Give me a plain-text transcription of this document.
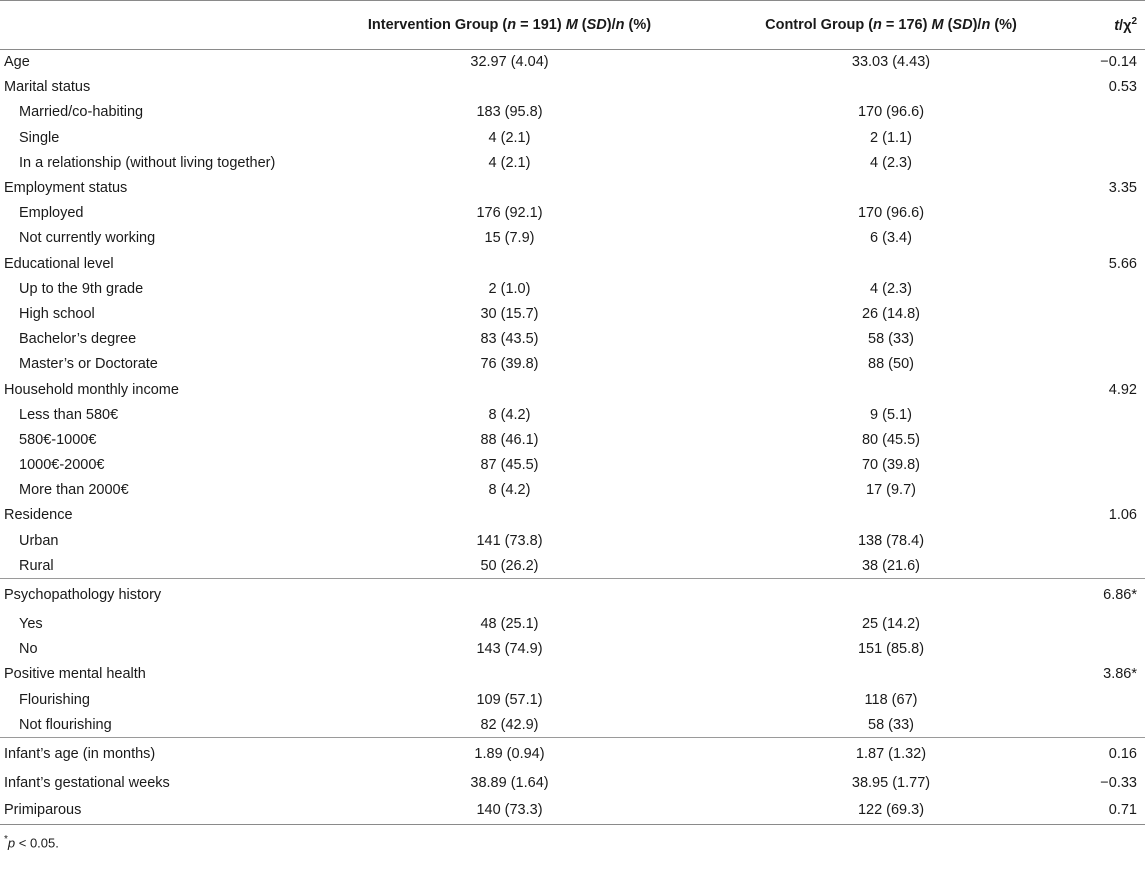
	Intervention Group (n = 191) M (SD)/n (%)	Control Group (n = 176) M (SD)/n (%)	$t/\chi^2$
Age	32.97 (4.04)	33.03 (4.43)	−0.14
Marital status			0.53
Married/co-habiting	183 (95.8)	170 (96.6)	
Single	4 (2.1)	2 (1.1)	
In a relationship (without living together)	4 (2.1)	4 (2.3)	
Employment status			3.35
Employed	176 (92.1)	170 (96.6)	
Not currently working	15 (7.9)	6 (3.4)	
Educational level			5.66
Up to the 9th grade	2 (1.0)	4 (2.3)	
High school	30 (15.7)	26 (14.8)	
Bachelor’s degree	83 (43.5)	58 (33)	
Master’s or Doctorate	76 (39.8)	88 (50)	
Household monthly income			4.92
Less than 580€	8 (4.2)	9 (5.1)	
580€-1000€	88 (46.1)	80 (45.5)	
1000€-2000€	87 (45.5)	70 (39.8)	
More than 2000€	8 (4.2)	17 (9.7)	
Residence			1.06
Urban	141 (73.8)	138 (78.4)	
Rural	50 (26.2)	38 (21.6)	
Psychopathology history			6.86*
Yes	48 (25.1)	25 (14.2)	
No	143 (74.9)	151 (85.8)	
Positive mental health			3.86*
Flourishing	109 (57.1)	118 (67)	
Not flourishing	82 (42.9)	58 (33)	
Infant’s age (in months)	1.89 (0.94)	1.87 (1.32)	0.16
Infant’s gestational weeks	38.89 (1.64)	38.95 (1.77)	−0.33
Primiparous	140 (73.3)	122 (69.3)	0.71
*p < 0.05.
